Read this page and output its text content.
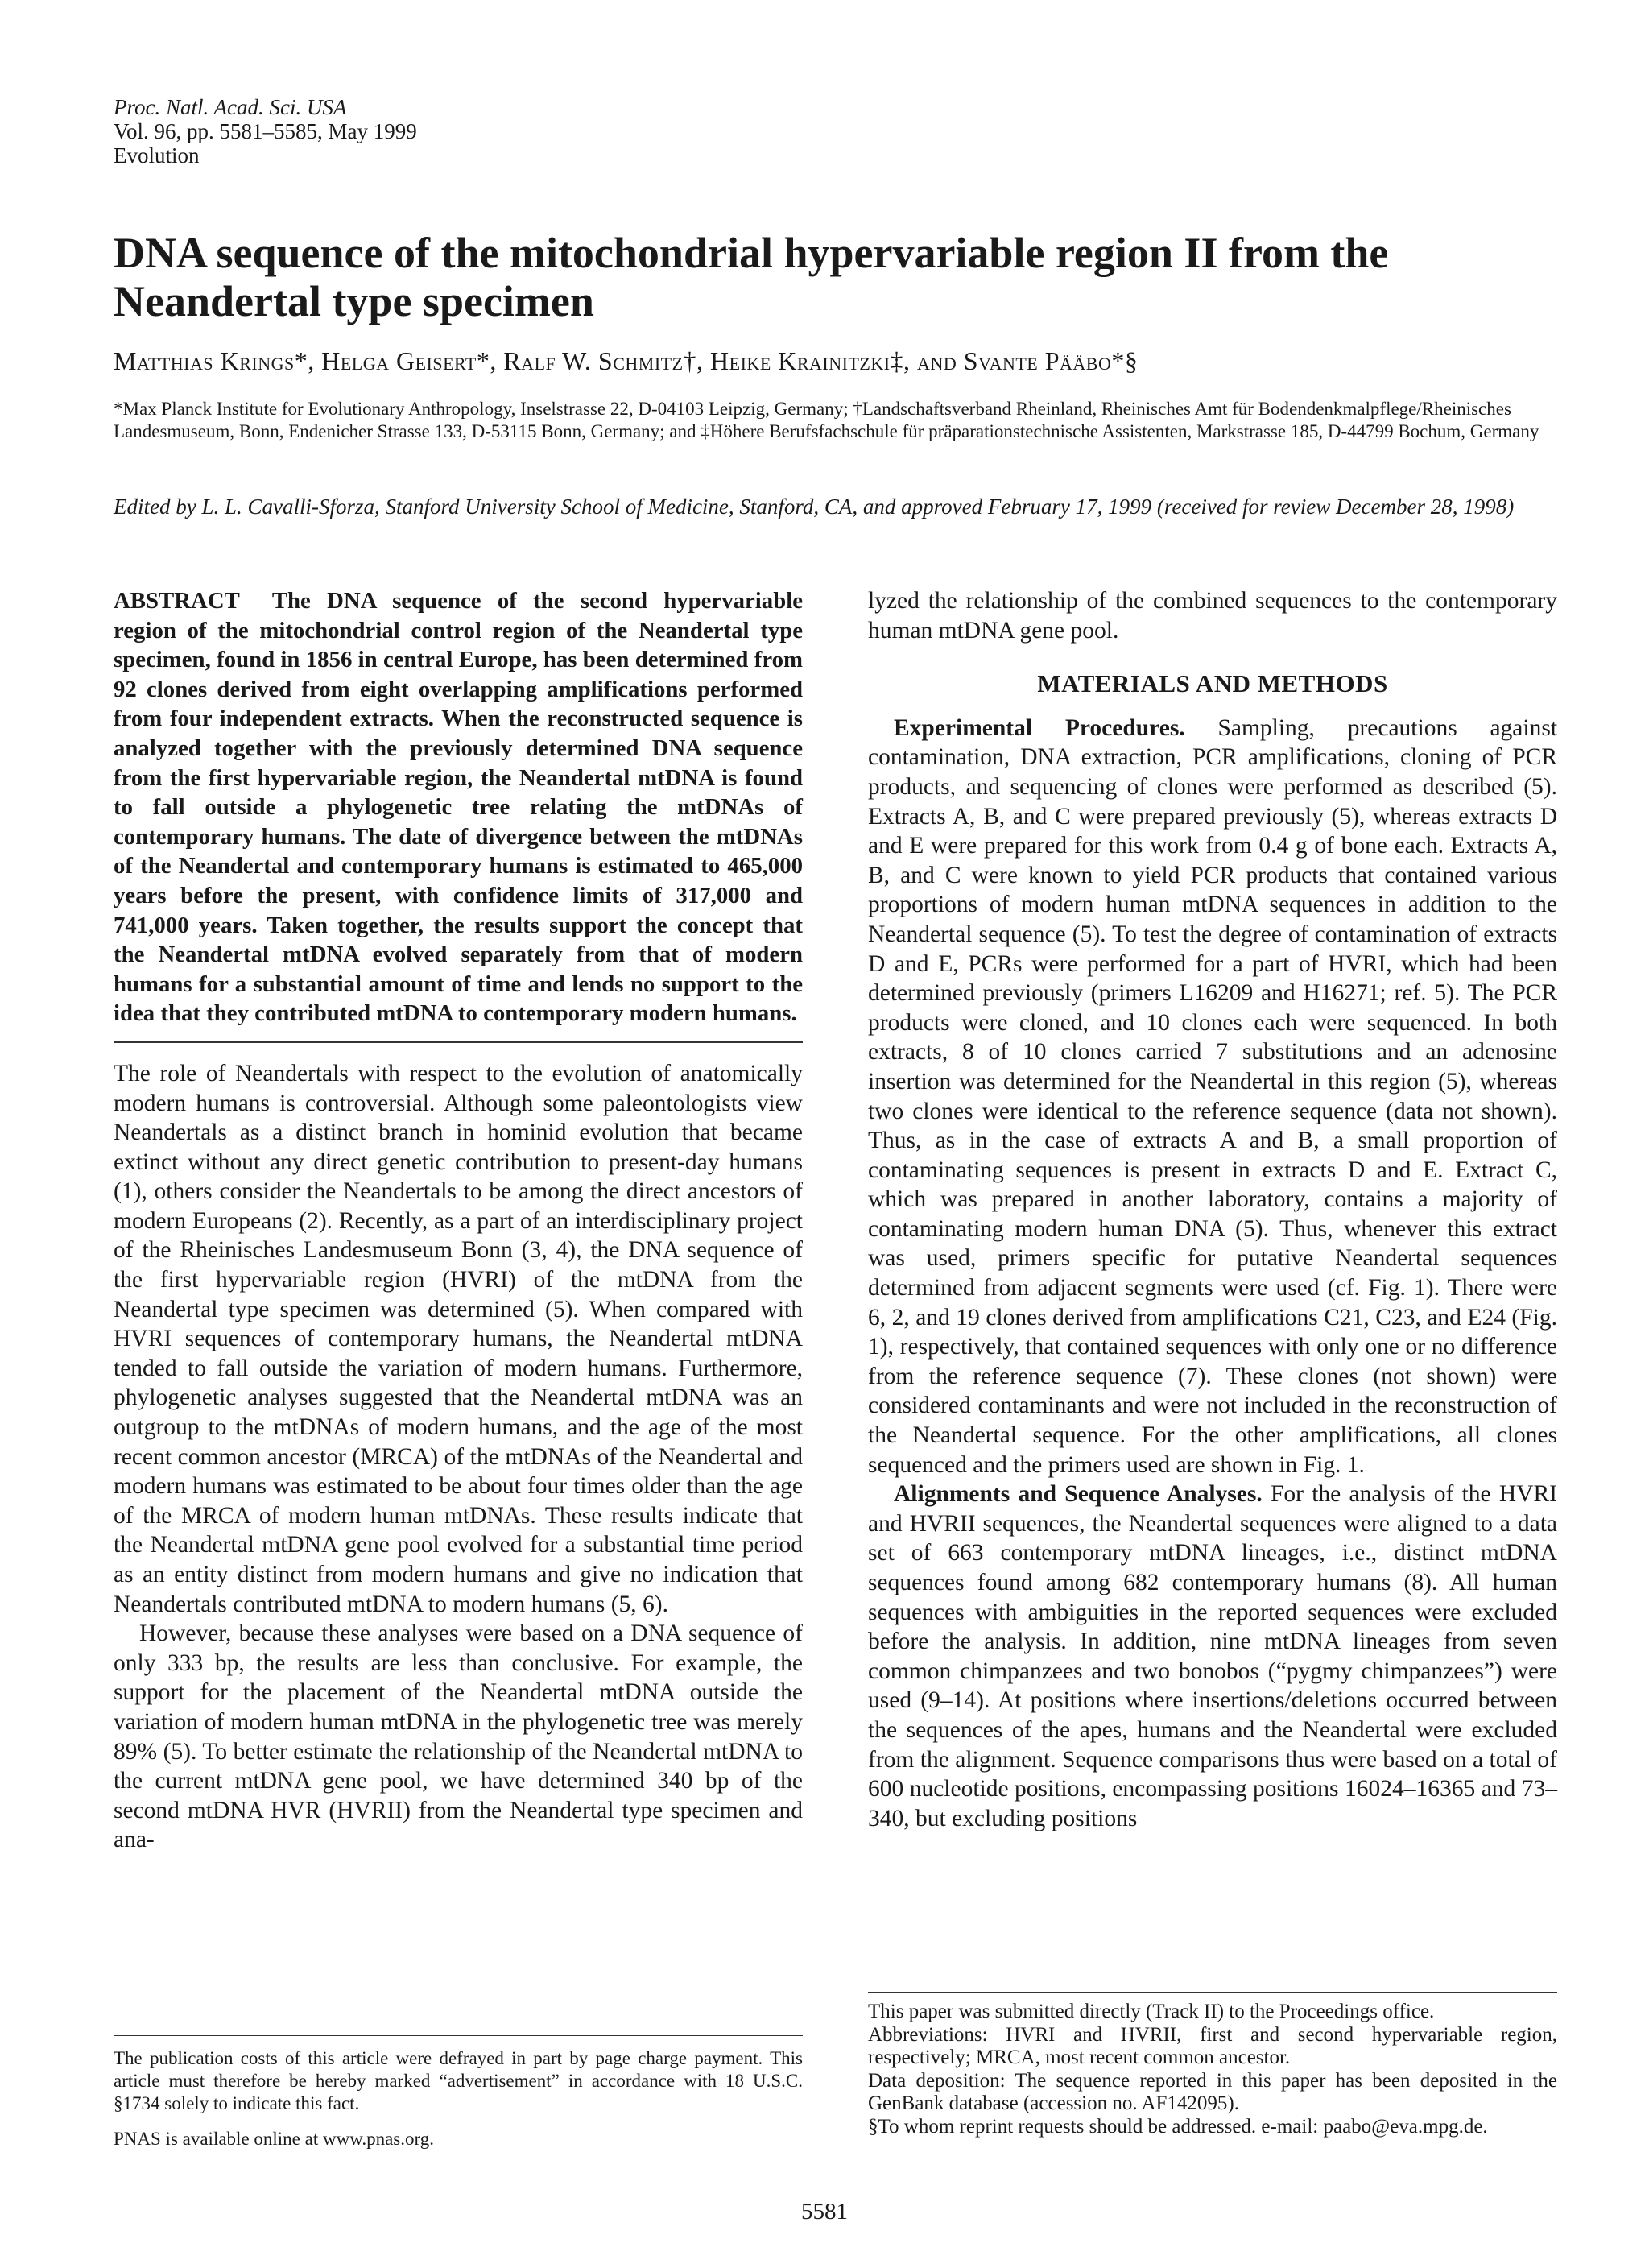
Proc. Natl. Acad. Sci. USA
Vol. 96, pp. 5581–5585, May 1999
Evolution
DNA sequence of the mitochondrial hypervariable region II from the Neandertal type specimen
Matthias Krings*, Helga Geisert*, Ralf W. Schmitz†, Heike Krainitzki‡, and Svante Pääbo*§
*Max Planck Institute for Evolutionary Anthropology, Inselstrasse 22, D-04103 Leipzig, Germany; †Landschaftsverband Rheinland, Rheinisches Amt für Bodendenkmalpflege/Rheinisches Landesmuseum, Bonn, Endenicher Strasse 133, D-53115 Bonn, Germany; and ‡Höhere Berufsfachschule für präparationstechnische Assistenten, Markstrasse 185, D-44799 Bochum, Germany
Edited by L. L. Cavalli-Sforza, Stanford University School of Medicine, Stanford, CA, and approved February 17, 1999 (received for review December 28, 1998)

ABSTRACT The DNA sequence of the second hypervariable region of the mitochondrial control region of the Neandertal type specimen, found in 1856 in central Europe, has been determined from 92 clones derived from eight overlapping amplifications performed from four independent extracts. When the reconstructed sequence is analyzed together with the previously determined DNA sequence from the first hypervariable region, the Neandertal mtDNA is found to fall outside a phylogenetic tree relating the mtDNAs of contemporary humans. The date of divergence between the mtDNAs of the Neandertal and contemporary humans is estimated to 465,000 years before the present, with confidence limits of 317,000 and 741,000 years. Taken together, the results support the concept that the Neandertal mtDNA evolved separately from that of modern humans for a substantial amount of time and lends no support to the idea that they contributed mtDNA to contemporary modern humans.

The role of Neandertals with respect to the evolution of anatomically modern humans is controversial. Although some paleontologists view Neandertals as a distinct branch in hominid evolution that became extinct without any direct genetic contribution to present-day humans (1), others consider the Neandertals to be among the direct ancestors of modern Europeans (2). Recently, as a part of an interdisciplinary project of the Rheinisches Landesmuseum Bonn (3, 4), the DNA sequence of the first hypervariable region (HVRI) of the mtDNA from the Neandertal type specimen was determined (5). When compared with HVRI sequences of contemporary humans, the Neandertal mtDNA tended to fall outside the variation of modern humans. Furthermore, phylogenetic analyses suggested that the Neandertal mtDNA was an outgroup to the mtDNAs of modern humans, and the age of the most recent common ancestor (MRCA) of the mtDNAs of the Neandertal and modern humans was estimated to be about four times older than the age of the MRCA of modern human mtDNAs. These results indicate that the Neandertal mtDNA gene pool evolved for a substantial time period as an entity distinct from modern humans and give no indication that Neandertals contributed mtDNA to modern humans (5, 6).

However, because these analyses were based on a DNA sequence of only 333 bp, the results are less than conclusive. For example, the support for the placement of the Neandertal mtDNA outside the variation of modern human mtDNA in the phylogenetic tree was merely 89% (5). To better estimate the relationship of the Neandertal mtDNA to the current mtDNA gene pool, we have determined 340 bp of the second mtDNA HVR (HVRII) from the Neandertal type specimen and ana-

lyzed the relationship of the combined sequences to the contemporary human mtDNA gene pool.

MATERIALS AND METHODS

Experimental Procedures. Sampling, precautions against contamination, DNA extraction, PCR amplifications, cloning of PCR products, and sequencing of clones were performed as described (5). Extracts A, B, and C were prepared previously (5), whereas extracts D and E were prepared for this work from 0.4 g of bone each. Extracts A, B, and C were known to yield PCR products that contained various proportions of modern human mtDNA sequences in addition to the Neandertal sequence (5). To test the degree of contamination of extracts D and E, PCRs were performed for a part of HVRI, which had been determined previously (primers L16209 and H16271; ref. 5). The PCR products were cloned, and 10 clones each were sequenced. In both extracts, 8 of 10 clones carried 7 substitutions and an adenosine insertion was determined for the Neandertal in this region (5), whereas two clones were identical to the reference sequence (data not shown). Thus, as in the case of extracts A and B, a small proportion of contaminating sequences is present in extracts D and E. Extract C, which was prepared in another laboratory, contains a majority of contaminating modern human DNA (5). Thus, whenever this extract was used, primers specific for putative Neandertal sequences determined from adjacent segments were used (cf. Fig. 1). There were 6, 2, and 19 clones derived from amplifications C21, C23, and E24 (Fig. 1), respectively, that contained sequences with only one or no difference from the reference sequence (7). These clones (not shown) were considered contaminants and were not included in the reconstruction of the Neandertal sequence. For the other amplifications, all clones sequenced and the primers used are shown in Fig. 1.

Alignments and Sequence Analyses. For the analysis of the HVRI and HVRII sequences, the Neandertal sequences were aligned to a data set of 663 contemporary mtDNA lineages, i.e., distinct mtDNA sequences found among 682 contemporary humans (8). All human sequences with ambiguities in the reported sequences were excluded before the analysis. In addition, nine mtDNA lineages from seven common chimpanzees and two bonobos (“pygmy chimpanzees”) were used (9–14). At positions where insertions/deletions occurred between the sequences of the apes, humans and the Neandertal were excluded from the alignment. Sequence comparisons thus were based on a total of 600 nucleotide positions, encompassing positions 16024–16365 and 73–340, but excluding positions

The publication costs of this article were defrayed in part by page charge payment. This article must therefore be hereby marked “advertisement” in accordance with 18 U.S.C. §1734 solely to indicate this fact.

PNAS is available online at www.pnas.org.

This paper was submitted directly (Track II) to the Proceedings office.

Abbreviations: HVRI and HVRII, first and second hypervariable region, respectively; MRCA, most recent common ancestor.

Data deposition: The sequence reported in this paper has been deposited in the GenBank database (accession no. AF142095).

§To whom reprint requests should be addressed. e-mail: paabo@eva.mpg.de.

5581
